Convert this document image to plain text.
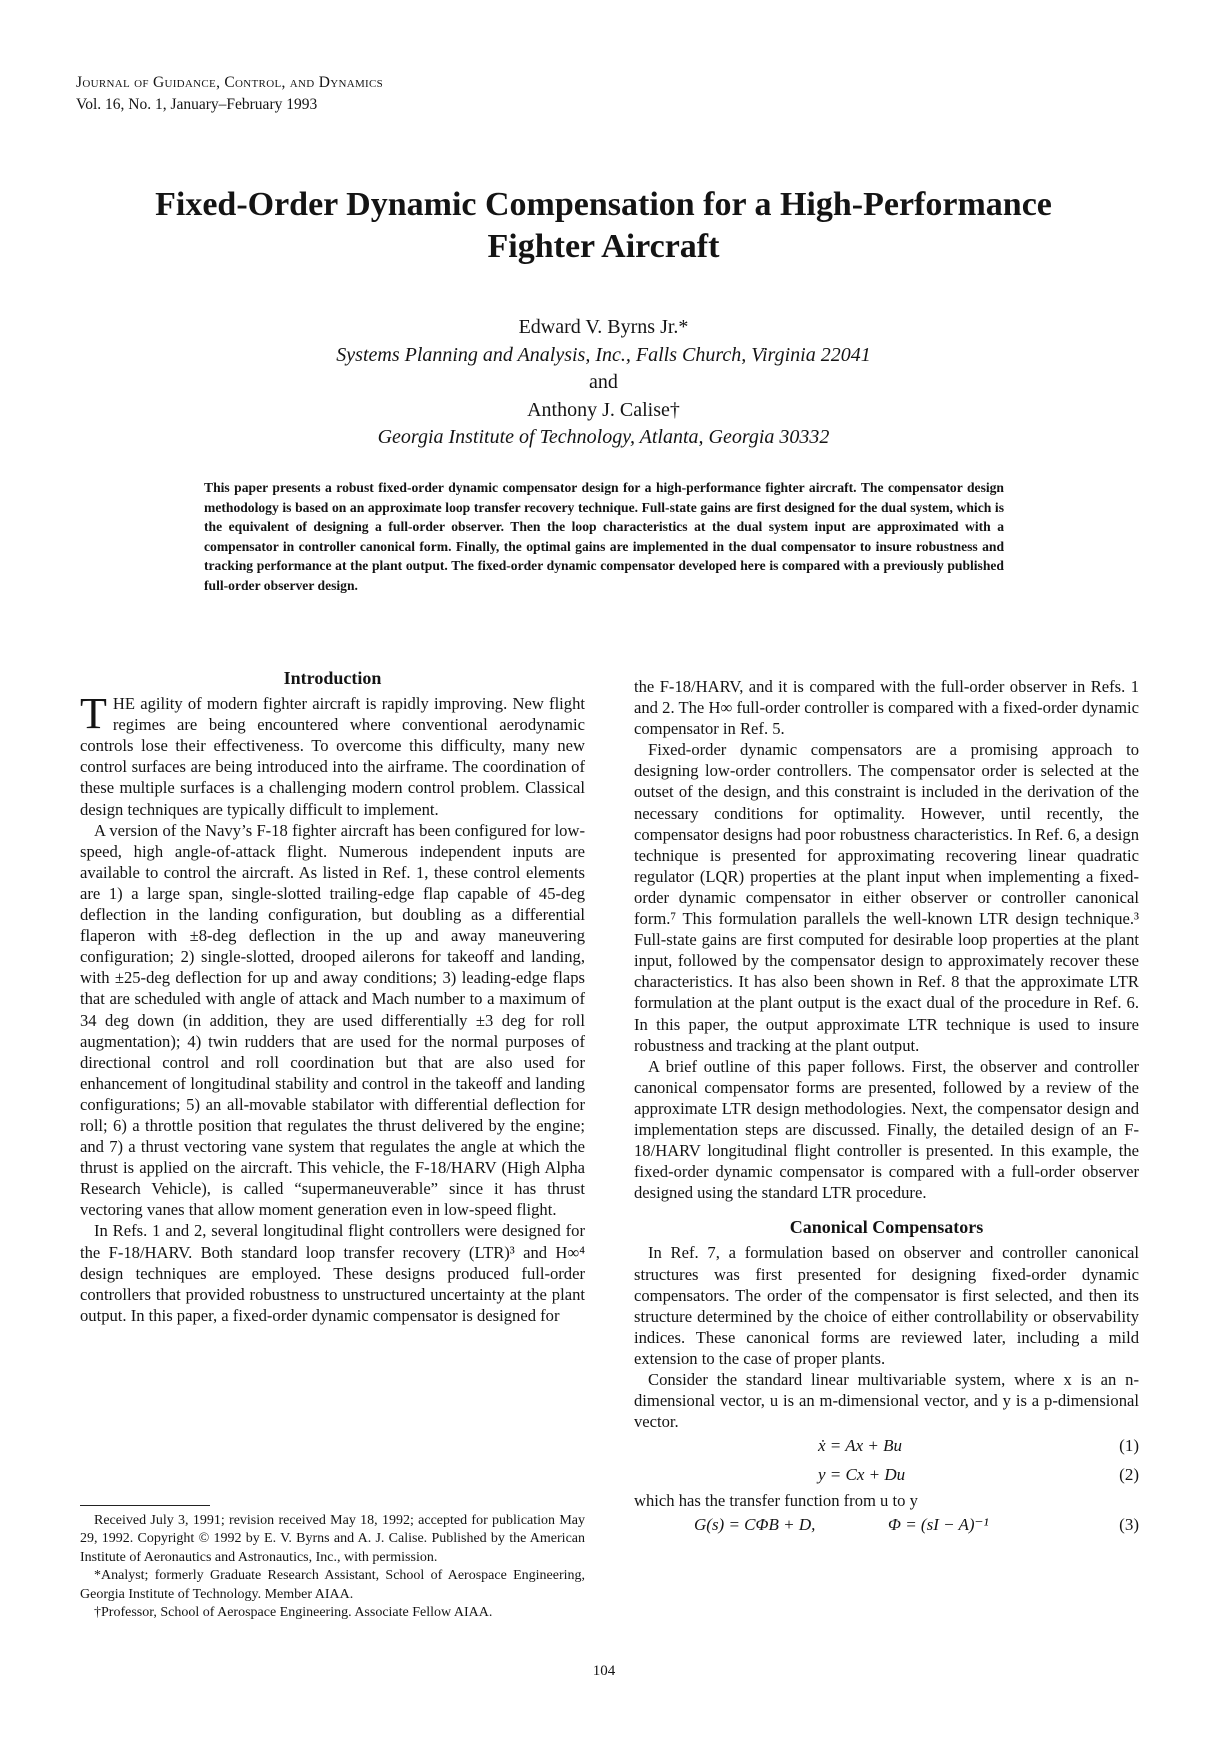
Journal of Guidance, Control, and Dynamics
Vol. 16, No. 1, January–February 1993
Fixed-Order Dynamic Compensation for a High-Performance
Fighter Aircraft
Edward V. Byrns Jr.*
Systems Planning and Analysis, Inc., Falls Church, Virginia 22041
and
Anthony J. Calise†
Georgia Institute of Technology, Atlanta, Georgia 30332
This paper presents a robust fixed-order dynamic compensator design for a high-performance fighter aircraft. The compensator design methodology is based on an approximate loop transfer recovery technique. Full-state gains are first designed for the dual system, which is the equivalent of designing a full-order observer. Then the loop characteristics at the dual system input are approximated with a compensator in controller canonical form. Finally, the optimal gains are implemented in the dual compensator to insure robustness and tracking performance at the plant output. The fixed-order dynamic compensator developed here is compared with a previously published full-order observer design.
Introduction

THE agility of modern fighter aircraft is rapidly improving. New flight regimes are being encountered where conventional aerodynamic controls lose their effectiveness. To overcome this difficulty, many new control surfaces are being introduced into the airframe. The coordination of these multiple surfaces is a challenging modern control problem. Classical design techniques are typically difficult to implement.

A version of the Navy’s F-18 fighter aircraft has been configured for low-speed, high angle-of-attack flight. Numerous independent inputs are available to control the aircraft. As listed in Ref. 1, these control elements are 1) a large span, single-slotted trailing-edge flap capable of 45-deg deflection in the landing configuration, but doubling as a differential flaperon with ±8-deg deflection in the up and away maneuvering configuration; 2) single-slotted, drooped ailerons for takeoff and landing, with ±25-deg deflection for up and away conditions; 3) leading-edge flaps that are scheduled with angle of attack and Mach number to a maximum of 34 deg down (in addition, they are used differentially ±3 deg for roll augmentation); 4) twin rudders that are used for the normal purposes of directional control and roll coordination but that are also used for enhancement of longitudinal stability and control in the takeoff and landing configurations; 5) an all-movable stabilator with differential deflection for roll; 6) a throttle position that regulates the thrust delivered by the engine; and 7) a thrust vectoring vane system that regulates the angle at which the thrust is applied on the aircraft. This vehicle, the F-18/HARV (High Alpha Research Vehicle), is called “supermaneuverable” since it has thrust vectoring vanes that allow moment generation even in low-speed flight.

In Refs. 1 and 2, several longitudinal flight controllers were designed for the F-18/HARV. Both standard loop transfer recovery (LTR)³ and H∞⁴ design techniques are employed. These designs produced full-order controllers that provided robustness to unstructured uncertainty at the plant output. In this paper, a fixed-order dynamic compensator is designed for

the F-18/HARV, and it is compared with the full-order observer in Refs. 1 and 2. The H∞ full-order controller is compared with a fixed-order dynamic compensator in Ref. 5.

Fixed-order dynamic compensators are a promising approach to designing low-order controllers. The compensator order is selected at the outset of the design, and this constraint is included in the derivation of the necessary conditions for optimality. However, until recently, the compensator designs had poor robustness characteristics. In Ref. 6, a design technique is presented for approximating recovering linear quadratic regulator (LQR) properties at the plant input when implementing a fixed-order dynamic compensator in either observer or controller canonical form.⁷ This formulation parallels the well-known LTR design technique.³ Full-state gains are first computed for desirable loop properties at the plant input, followed by the compensator design to approximately recover these characteristics. It has also been shown in Ref. 8 that the approximate LTR formulation at the plant output is the exact dual of the procedure in Ref. 6. In this paper, the output approximate LTR technique is used to insure robustness and tracking at the plant output.

A brief outline of this paper follows. First, the observer and controller canonical compensator forms are presented, followed by a review of the approximate LTR design methodologies. Next, the compensator design and implementation steps are discussed. Finally, the detailed design of an F-18/HARV longitudinal flight controller is presented. In this example, the fixed-order dynamic compensator is compared with a full-order observer designed using the standard LTR procedure.

Canonical Compensators

In Ref. 7, a formulation based on observer and controller canonical structures was first presented for designing fixed-order dynamic compensators. The order of the compensator is first selected, and then its structure determined by the choice of either controllability or observability indices. These canonical forms are reviewed later, including a mild extension to the case of proper plants.

Consider the standard linear multivariable system, where x is an n-dimensional vector, u is an m-dimensional vector, and y is a p-dimensional vector.

ẋ = Ax + Bu	(1)
y = Cx + Du	(2)

which has the transfer function from u to y

G(s) = CΦB + D,	Φ = (sI − A)⁻¹	(3)

Received July 3, 1991; revision received May 18, 1992; accepted for publication May 29, 1992. Copyright © 1992 by E. V. Byrns and A. J. Calise. Published by the American Institute of Aeronautics and Astronautics, Inc., with permission.

*Analyst; formerly Graduate Research Assistant, School of Aerospace Engineering, Georgia Institute of Technology. Member AIAA.

†Professor, School of Aerospace Engineering. Associate Fellow AIAA.

104
